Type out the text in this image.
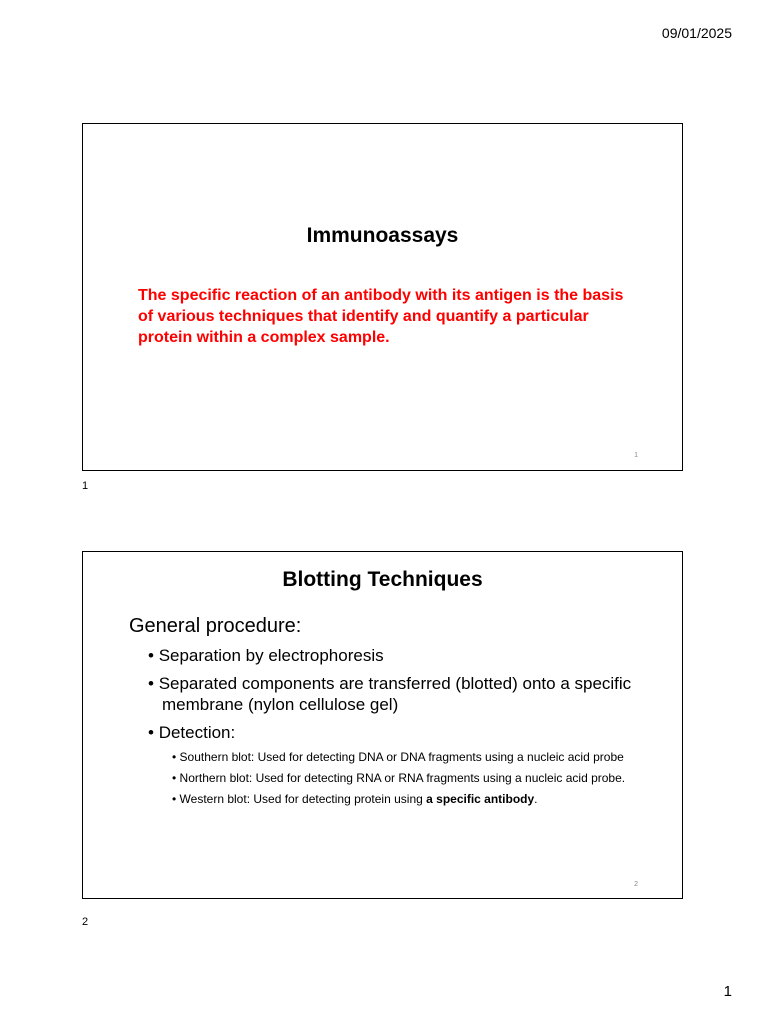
09/01/2025
Immunoassays
The specific reaction of an antibody with its antigen is the basis of various techniques that identify and quantify a particular protein within a complex sample.
1
1
Blotting Techniques
General procedure:
• Separation by electrophoresis
• Separated components are transferred (blotted) onto a specific membrane (nylon cellulose gel)
• Detection:
• Southern blot: Used for detecting DNA or DNA fragments using a nucleic acid probe
• Northern blot: Used for detecting RNA or RNA fragments using a nucleic acid probe.
• Western blot: Used for detecting protein using a specific antibody.
2
2
1
